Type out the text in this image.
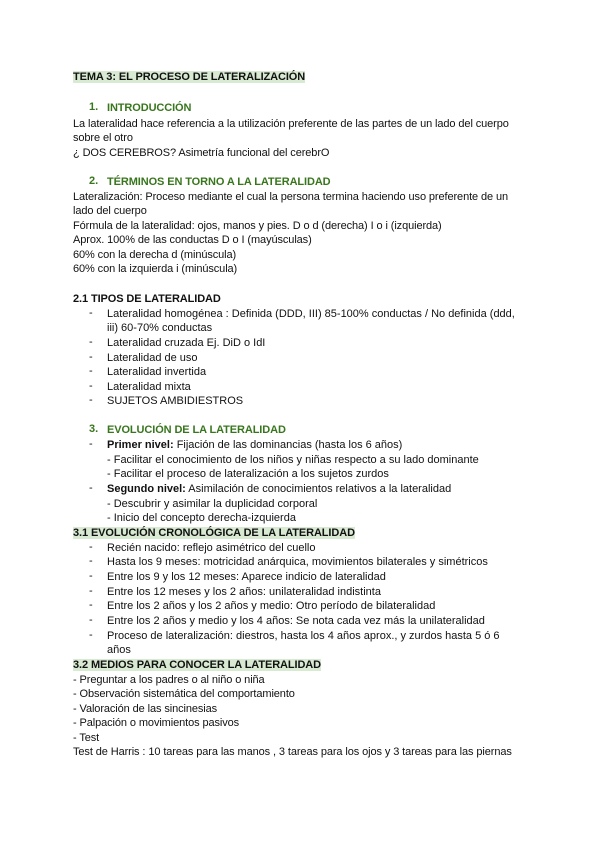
TEMA 3: EL PROCESO DE LATERALIZACIÓN
1. INTRODUCCIÓN
La lateralidad hace referencia a la utilización preferente de las partes de un lado del cuerpo
sobre el otro
¿ DOS CEREBROS? Asimetría funcional del cerebrO
2. TÉRMINOS EN TORNO A LA LATERALIDAD
Lateralización: Proceso mediante el cual la persona termina haciendo uso preferente de un
lado del cuerpo
Fórmula de la lateralidad: ojos, manos y pies. D o d (derecha) I o i (izquierda)
Aprox. 100% de las conductas D o I (mayúsculas)
60% con la derecha d (minúscula)
60% con la izquierda i (minúscula)
2.1 TIPOS DE LATERALIDAD
- Lateralidad homogénea : Definida (DDD, III) 85-100% conductas / No definida (ddd,
iii) 60-70% conductas
- Lateralidad cruzada Ej. DiD o IdI
- Lateralidad de uso
- Lateralidad invertida
- Lateralidad mixta
- SUJETOS AMBIDIESTROS
3. EVOLUCIÓN DE LA LATERALIDAD
- Primer nivel: Fijación de las dominancias (hasta los 6 años)
- Facilitar el conocimiento de los niños y niñas respecto a su lado dominante
- Facilitar el proceso de lateralización a los sujetos zurdos
- Segundo nivel: Asimilación de conocimientos relativos a la lateralidad
- Descubrir y asimilar la duplicidad corporal
- Inicio del concepto derecha-izquierda
3.1 EVOLUCIÓN CRONOLÓGICA DE LA LATERALIDAD
- Recién nacido: reflejo asimétrico del cuello
- Hasta los 9 meses: motricidad anárquica, movimientos bilaterales y simétricos
- Entre los 9 y los 12 meses: Aparece indicio de lateralidad
- Entre los 12 meses y los 2 años: unilateralidad indistinta
- Entre los 2 años y los 2 años y medio: Otro período de bilateralidad
- Entre los 2 años y medio y los 4 años: Se nota cada vez más la unilateralidad
- Proceso de lateralización: diestros, hasta los 4 años aprox., y zurdos hasta 5 ó 6
años
3.2 MEDIOS PARA CONOCER LA LATERALIDAD
- Preguntar a los padres o al niño o niña
- Observación sistemática del comportamiento
- Valoración de las sincinesias
- Palpación o movimientos pasivos
- Test
Test de Harris : 10 tareas para las manos , 3 tareas para los ojos y 3 tareas para las piernas
